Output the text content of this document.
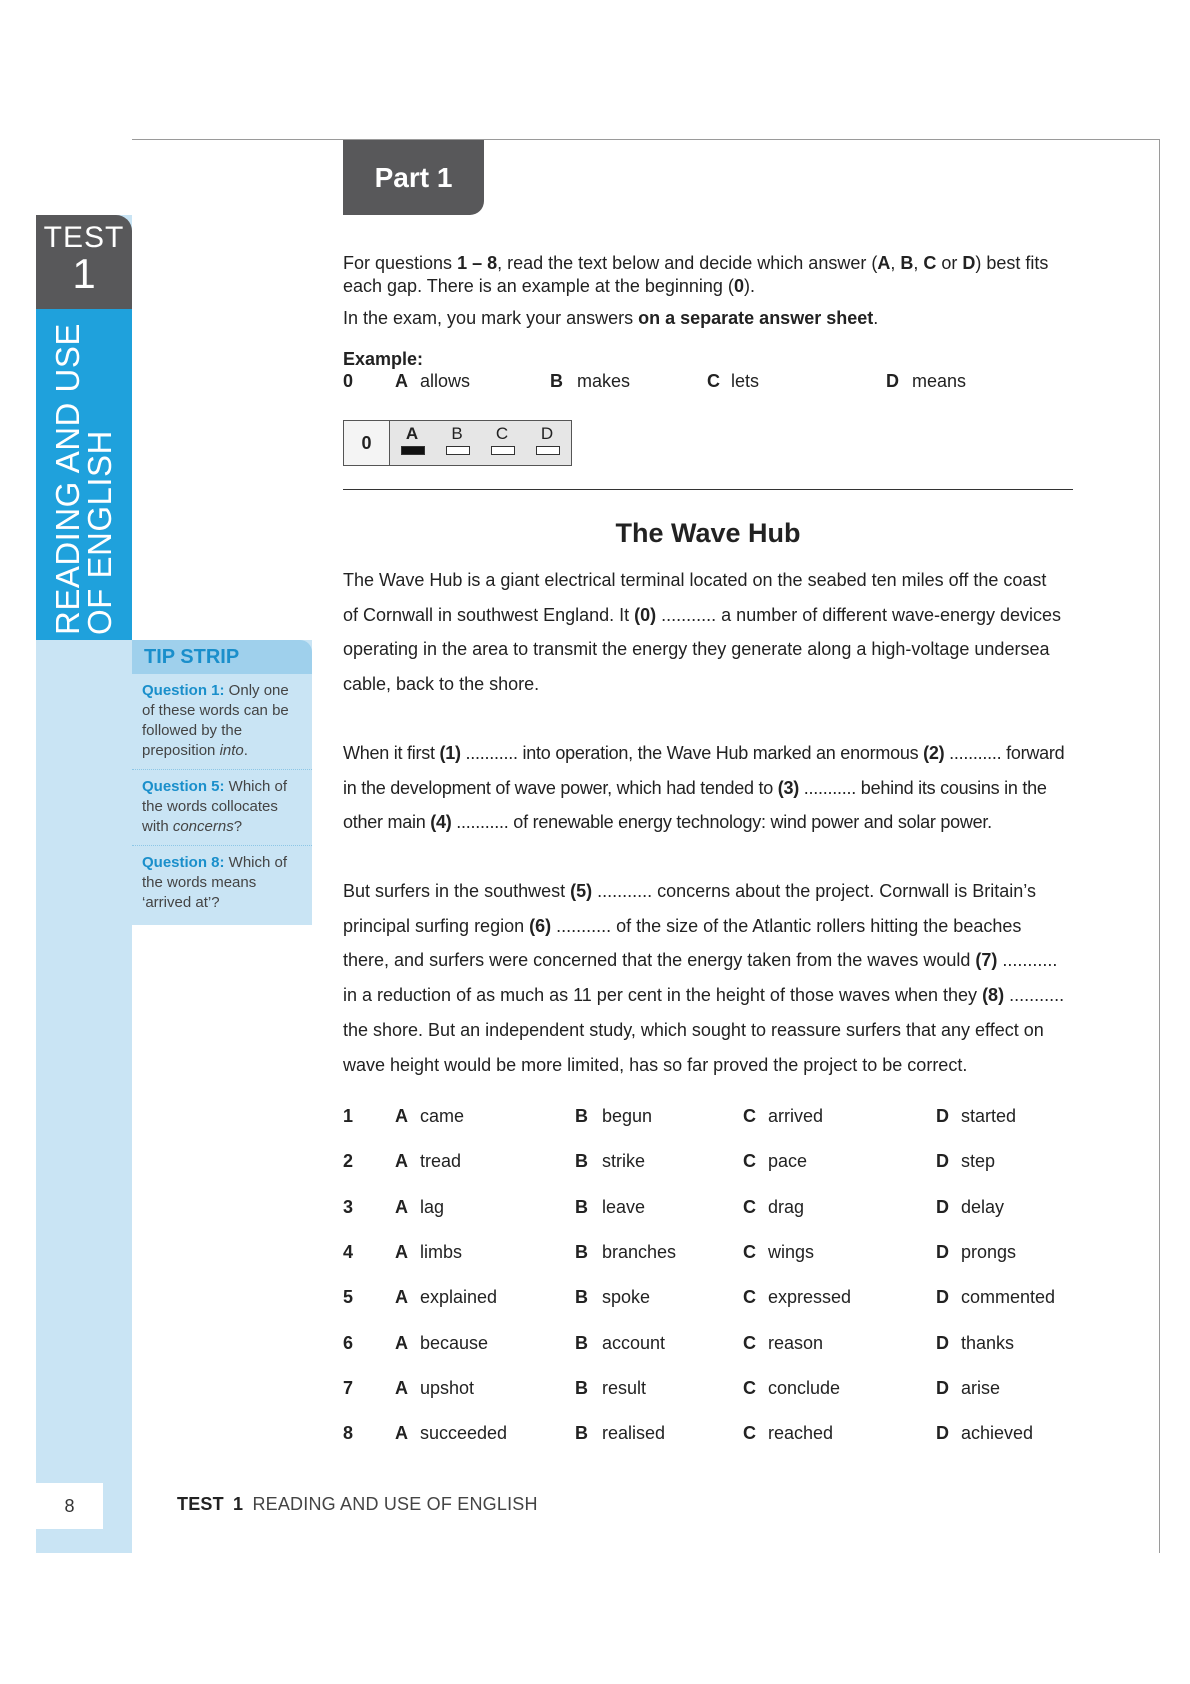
TEST
1
READING AND USE OF ENGLISH
TIP STRIP
Question 1: Only one of these words can be followed by the preposition into.
Question 5: Which of the words collocates with concerns?
Question 8: Which of the words means ‘arrived at’?
Part 1
For questions 1 – 8, read the text below and decide which answer (A, B, C or D) best fits each gap. There is an example at the beginning (0).
In the exam, you mark your answers on a separate answer sheet.
Example:
0 A allows	B makes	C lets	D means
0	A	B	C	D
The Wave Hub
The Wave Hub is a giant electrical terminal located on the seabed ten miles off the coast
of Cornwall in southwest England. It (0) ........... a number of different wave-energy devices
operating in the area to transmit the energy they generate along a high-voltage undersea
cable, back to the shore.
When it first (1) ........... into operation, the Wave Hub marked an enormous (2) ........... forward
in the development of wave power, which had tended to (3) ........... behind its cousins in the
other main (4) ........... of renewable energy technology: wind power and solar power.
But surfers in the southwest (5) ........... concerns about the project. Cornwall is Britain’s
principal surfing region (6) ........... of the size of the Atlantic rollers hitting the beaches
there, and surfers were concerned that the energy taken from the waves would (7) ...........
in a reduction of as much as 11 per cent in the height of those waves when they (8) ...........
the shore. But an independent study, which sought to reassure surfers that any effect on
wave height would be more limited, has so far proved the project to be correct.
1 A came	B begun	C arrived	D started
2 A tread	B strike	C pace	D step
3 A lag	B leave	C drag	D delay
4 A limbs	B branches	C wings	D prongs
5 A explained	B spoke	C expressed	D commented
6 A because	B account	C reason	D thanks
7 A upshot	B result	C conclude	D arise
8 A succeeded	B realised	C reached	D achieved
8	TEST 1 READING AND USE OF ENGLISH
